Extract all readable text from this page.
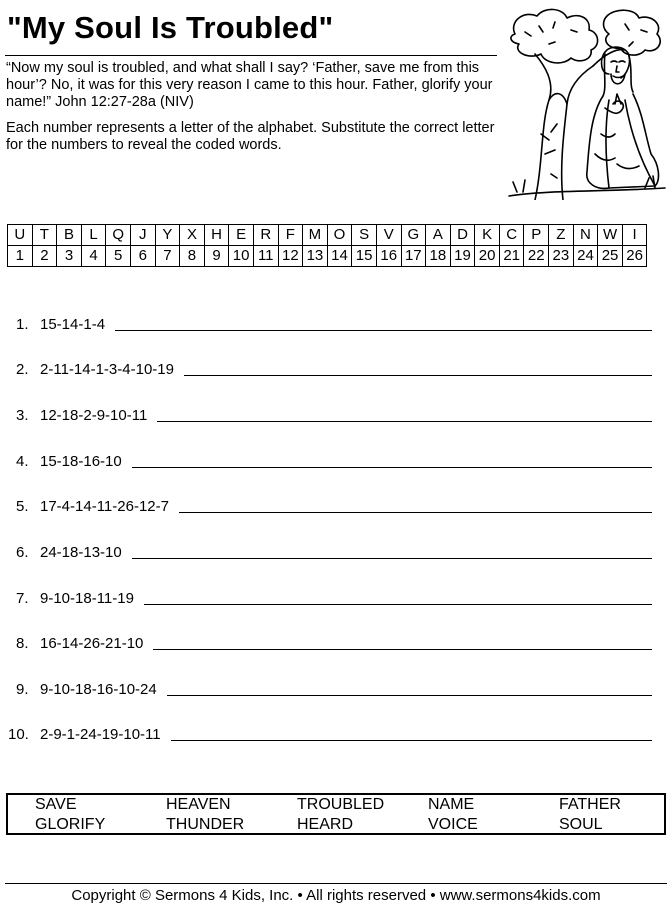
"My Soul Is Troubled"

“Now my soul is troubled, and what shall I say? ‘Father, save me from this hour’? No, it was for this very reason I came to this hour. Father, glorify your name!” John 12:27-28a (NIV)

Each number represents a letter of the alphabet. Substitute the correct letter for the numbers to reveal the coded words.

U	T	B	L	Q	J	Y	X	H	E	R	F	M	O	S	V	G	A	D	K	C	P	Z	N	W	I
1	2	3	4	5	6	7	8	9	10	11	12	13	14	15	16	17	18	19	20	21	22	23	24	25	26
1. 15-14-1-4
2. 2-11-14-1-3-4-10-19
3. 12-18-2-9-10-11
4. 15-18-16-10
5. 17-4-14-11-26-12-7
6. 24-18-13-10
7. 9-10-18-11-19
8. 16-14-26-21-10
9. 9-10-18-16-10-24
10. 2-9-1-24-19-10-11
SAVE	HEAVEN	TROUBLED	NAME	FATHER
GLORIFY	THUNDER	HEARD	VOICE	SOUL
Copyright © Sermons 4 Kids, Inc. • All rights reserved • www.sermons4kids.com
